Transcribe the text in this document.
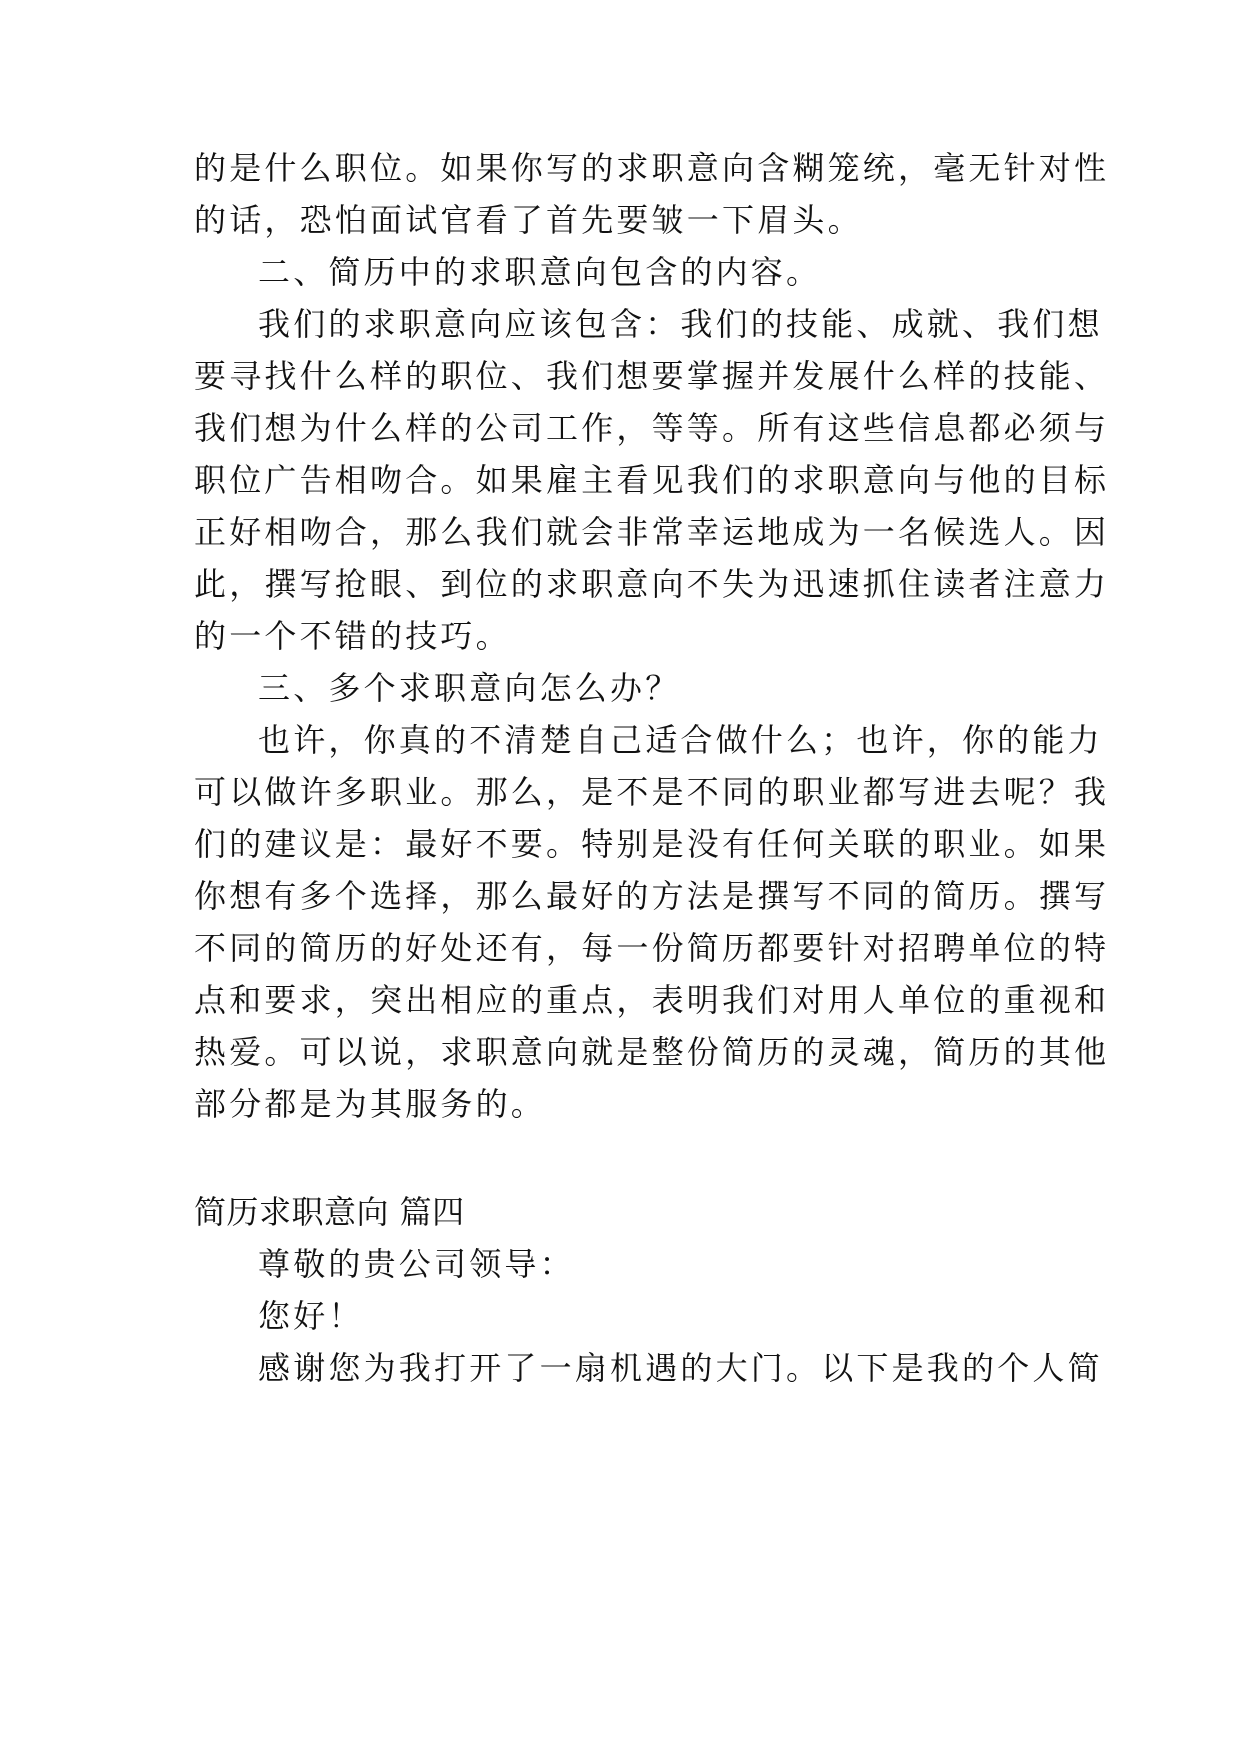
的是什么职位。如果你写的求职意向含糊笼统，毫无针对性
的话，恐怕面试官看了首先要皱一下眉头。
二、简历中的求职意向包含的内容。
我们的求职意向应该包含：我们的技能、成就、我们想
要寻找什么样的职位、我们想要掌握并发展什么样的技能、
我们想为什么样的公司工作，等等。所有这些信息都必须与
职位广告相吻合。如果雇主看见我们的求职意向与他的目标
正好相吻合，那么我们就会非常幸运地成为一名候选人。因
此，撰写抢眼、到位的求职意向不失为迅速抓住读者注意力
的一个不错的技巧。
三、多个求职意向怎么办？
也许，你真的不清楚自己适合做什么；也许，你的能力
可以做许多职业。那么，是不是不同的职业都写进去呢？我
们的建议是：最好不要。特别是没有任何关联的职业。如果
你想有多个选择，那么最好的方法是撰写不同的简历。撰写
不同的简历的好处还有，每一份简历都要针对招聘单位的特
点和要求，突出相应的重点，表明我们对用人单位的重视和
热爱。可以说，求职意向就是整份简历的灵魂，简历的其他
部分都是为其服务的。
简历求职意向 篇四
尊敬的贵公司领导：
您好！
感谢您为我打开了一扇机遇的大门。以下是我的个人简
